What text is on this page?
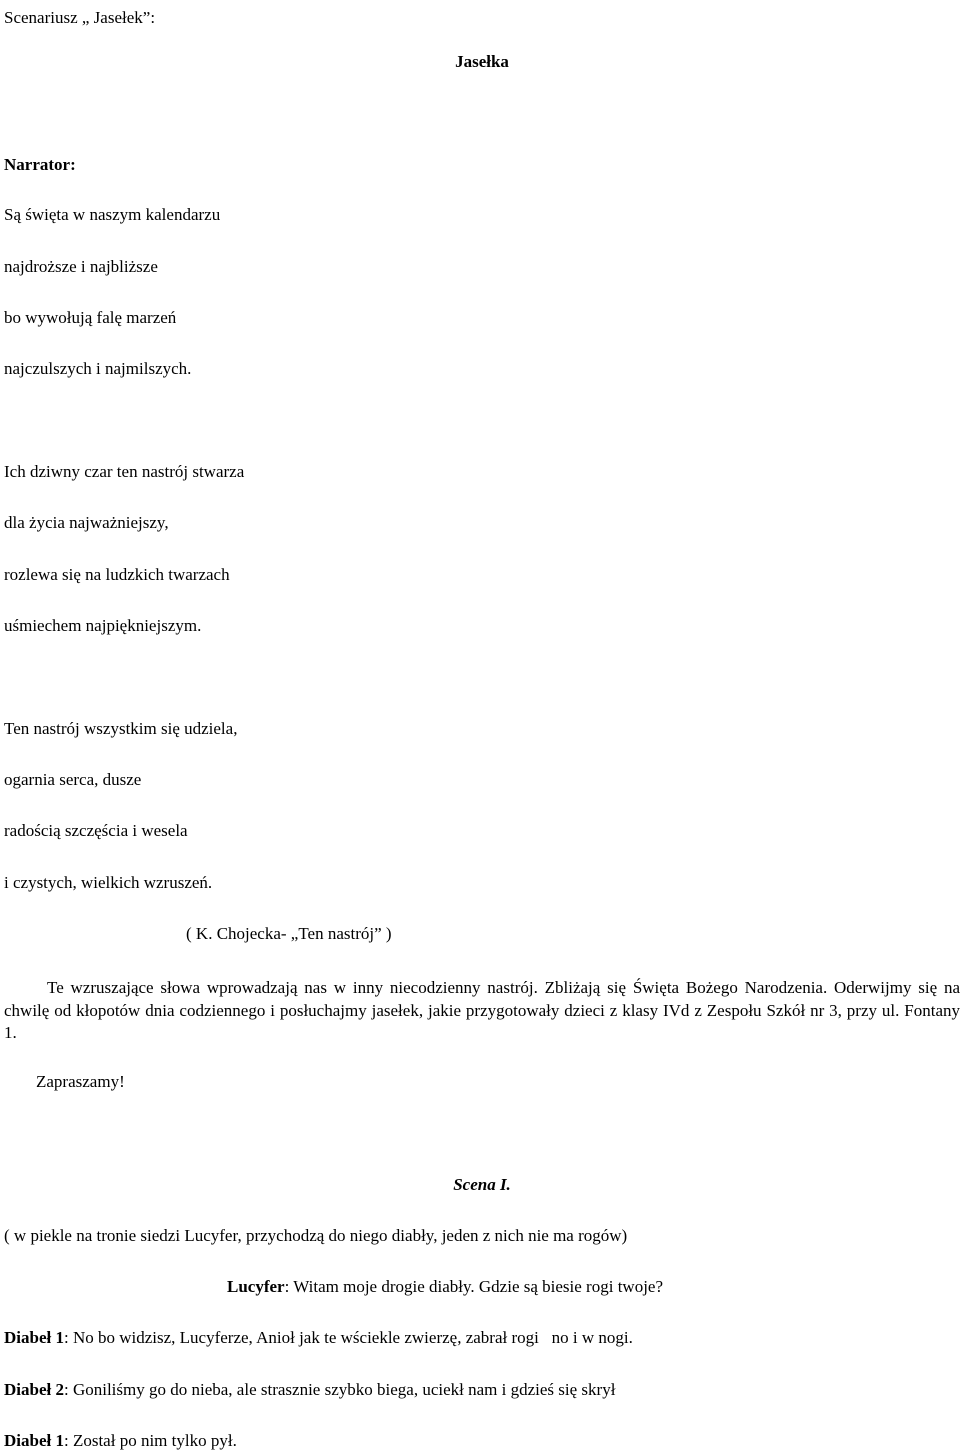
Scenariusz „ Jasełek”:
Jasełka
Narrator:
Są święta w naszym kalendarzu
najdroższe i najbliższe
bo wywołują falę marzeń
najczulszych i najmilszych.
Ich dziwny czar ten nastrój stwarza
dla życia najważniejszy,
rozlewa się na ludzkich twarzach
uśmiechem najpiękniejszym.
Ten nastrój wszystkim się udziela,
ogarnia serca, dusze
radością szczęścia i wesela
i czystych, wielkich wzruszeń.
( K. Chojecka- „Ten nastrój” )
Te wzruszające słowa wprowadzają nas w inny niecodzienny nastrój. Zbliżają się Święta Bożego Narodzenia. Oderwijmy się na chwilę od kłopotów dnia codziennego i posłuchajmy jasełek, jakie przygotowały dzieci z klasy IVd z Zespołu Szkół nr 3, przy ul. Fontany 1.
Zapraszamy!
Scena I.
( w piekle na tronie siedzi Lucyfer, przychodzą do niego diabły, jeden z nich nie ma rogów)
Lucyfer: Witam moje drogie diabły. Gdzie są biesie rogi twoje?
Diabeł 1: No bo widzisz, Lucyferze, Anioł jak te wściekle zwierzę, zabrał rogi   no i w nogi.
Diabeł 2: Goniliśmy go do nieba, ale strasznie szybko biega, uciekł nam i gdzieś się skrył
Diabeł 1: Został po nim tylko pył.
